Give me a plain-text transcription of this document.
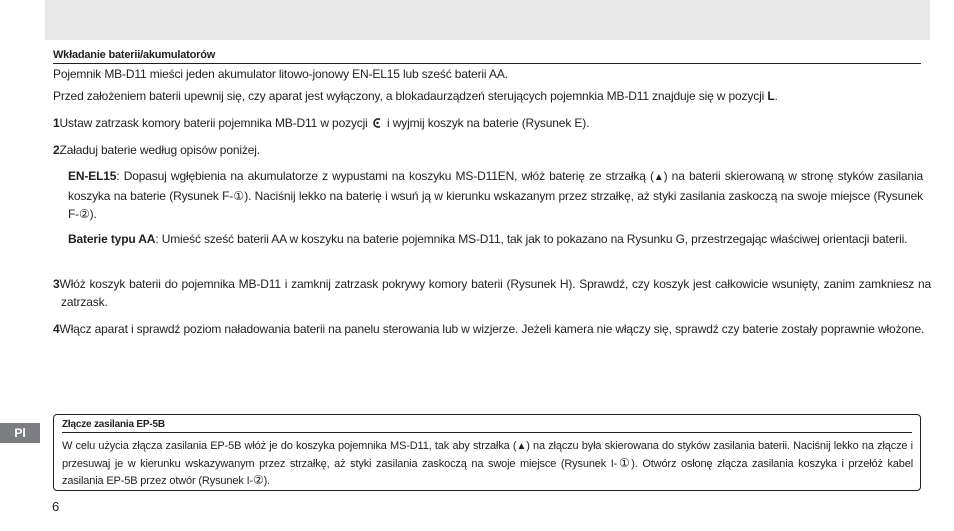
Wkładanie baterii/akumulatorów
Pojemnik MB-D11 mieści jeden akumulator litowo-jonowy EN-EL15 lub sześć baterii AA.
Przed założeniem baterii upewnij się, czy aparat jest wyłączony, a blokadaurządzeń sterujących pojemnkia MB-D11 znajduje się w pozycji L.
1Ustaw zatrzask komory baterii pojemnika MB-D11 w pozycji  i wyjmij koszyk na baterie (Rysunek E).
2Załaduj baterie według opisów poniżej.
EN-EL15: Dopasuj wgłębienia na akumulatorze z wypustami na koszyku MS-D11EN, włóż baterię ze strzałką (▲) na baterii skierowaną w stronę styków zasilania koszyka na baterie (Rysunek F-①). Naciśnij lekko na baterię i wsuń ją w kierunku wskazanym przez strzałkę, aż styki zasilania zaskoczą na swoje miejsce (Rysunek F-②).
Baterie typu AA: Umieść sześć baterii AA w koszyku na baterie pojemnika MS-D11, tak jak to pokazano na Rysunku G, przestrzegając właściwej orientacji baterii.
3Włóż koszyk baterii do pojemnika MB-D11 i zamknij zatrzask pokrywy komory baterii (Rysunek H). Sprawdź, czy koszyk jest całkowicie wsunięty, zanim zamkniesz na zatrzask.
4Włącz aparat i sprawdź poziom naładowania baterii na panelu sterowania lub w wizjerze. Jeżeli kamera nie włączy się, sprawdź czy baterie zostały poprawnie włożone.
Pl
Złącze zasilania EP-5B
W celu użycia złącza zasilania EP-5B włóż je do koszyka pojemnika MS-D11, tak aby strzałka (▲) na złączu była skierowana do styków zasilania baterii. Naciśnij lekko na złącze i przesuwaj je w kierunku wskazywanym przez strzałkę, aż styki zasilania zaskoczą na swoje miejsce (Rysunek I-①). Otwórz osłonę złącza zasilania koszyka i przełóż kabel zasilania EP-5B przez otwór (Rysunek I-②).
6
